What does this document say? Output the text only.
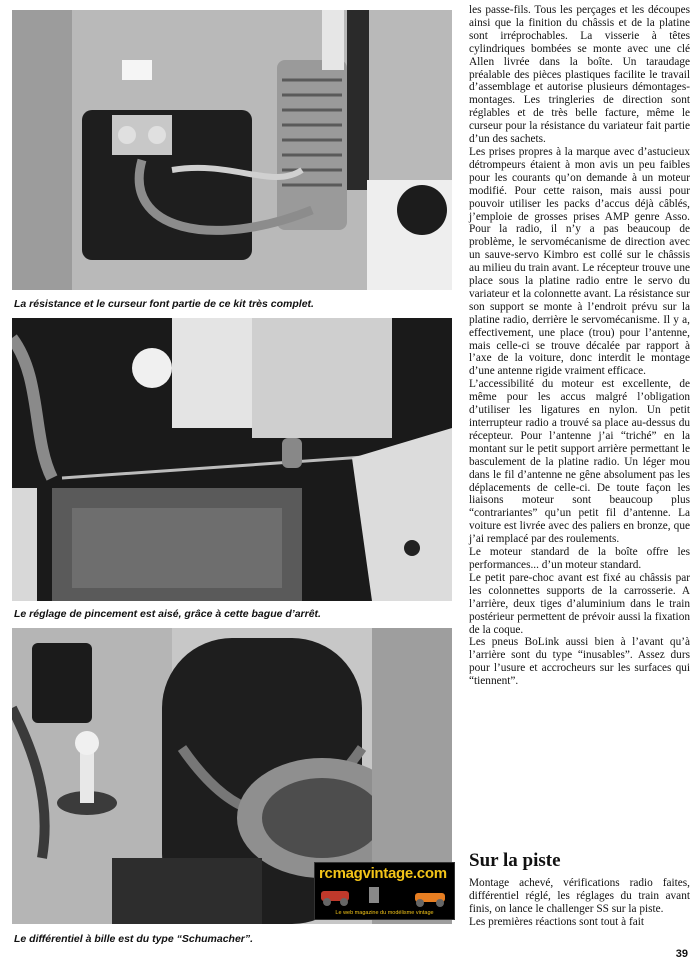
La résistance et le curseur font partie de ce kit très complet.
Le réglage de pincement est aisé, grâce à cette bague d’arrêt.
Le différentiel à bille est du type “Schumacher”.

les passe-fils. Tous les perçages et les découpes ainsi que la finition du châssis et de la platine sont irréprochables. La visserie à têtes cylindriques bombées se monte avec une clé Allen livrée dans la boîte. Un taraudage préalable des pièces plastiques facilite le travail d’assemblage et autorise plusieurs démontages-montages. Les tringleries de direction sont réglables et de très belle facture, même le curseur pour la résistance du variateur fait partie d’un des sachets.

Les prises propres à la marque avec d’astucieux détrompeurs étaient à mon avis un peu faibles pour les courants qu’on demande à un moteur modifié. Pour cette raison, mais aussi pour pouvoir utiliser les packs d’accus déjà câblés, j’emploie de grosses prises AMP genre Asso. Pour la radio, il n’y a pas beaucoup de problème, le servomécanisme de direction avec un sauve-servo Kimbro est collé sur le châssis au milieu du train avant. Le récepteur trouve une place sous la platine radio entre le servo du variateur et la colonnette avant. La résistance sur son support se monte à l’endroit prévu sur la platine radio, derrière le servomécanisme. Il y a, effectivement, une place (trou) pour l’antenne, mais celle-ci se trouve décalée par rapport à l’axe de la voiture, donc interdit le montage d’une antenne rigide vraiment efficace.

L’accessibilité du moteur est excellente, de même pour les accus malgré l’obligation d’utiliser les ligatures en nylon. Un petit interrupteur radio a trouvé sa place au-dessus du récepteur. Pour l’antenne j’ai “triché” en la montant sur le petit support arrière permettant le basculement de la platine radio. Un léger mou dans le fil d’antenne ne gêne absolument pas les déplacements de celle-ci. De toute façon les liaisons moteur sont beaucoup plus “contrariantes” qu’un petit fil d’antenne. La voiture est livrée avec des paliers en bronze, que j’ai remplacé par des roulements.

Le moteur standard de la boîte offre les performances... d’un moteur standard.

Le petit pare-choc avant est fixé au châssis par les colonnettes supports de la carrosserie. A l’arrière, deux tiges d’aluminium dans le train postérieur permettent de prévoir aussi la fixation de la coque.

Les pneus BoLink aussi bien à l’avant qu’à l’arrière sont du type “inusables”. Assez durs pour l’usure et accrocheurs sur les surfaces qui “tiennent”.

Sur la piste

Montage achevé, vérifications radio faites, différentiel réglé, les réglages du train avant finis, on lance le challenger SS sur la piste.

Les premières réactions sont tout à fait

rcmagvintage.com
Le web magazine du modélisme vintage
39
